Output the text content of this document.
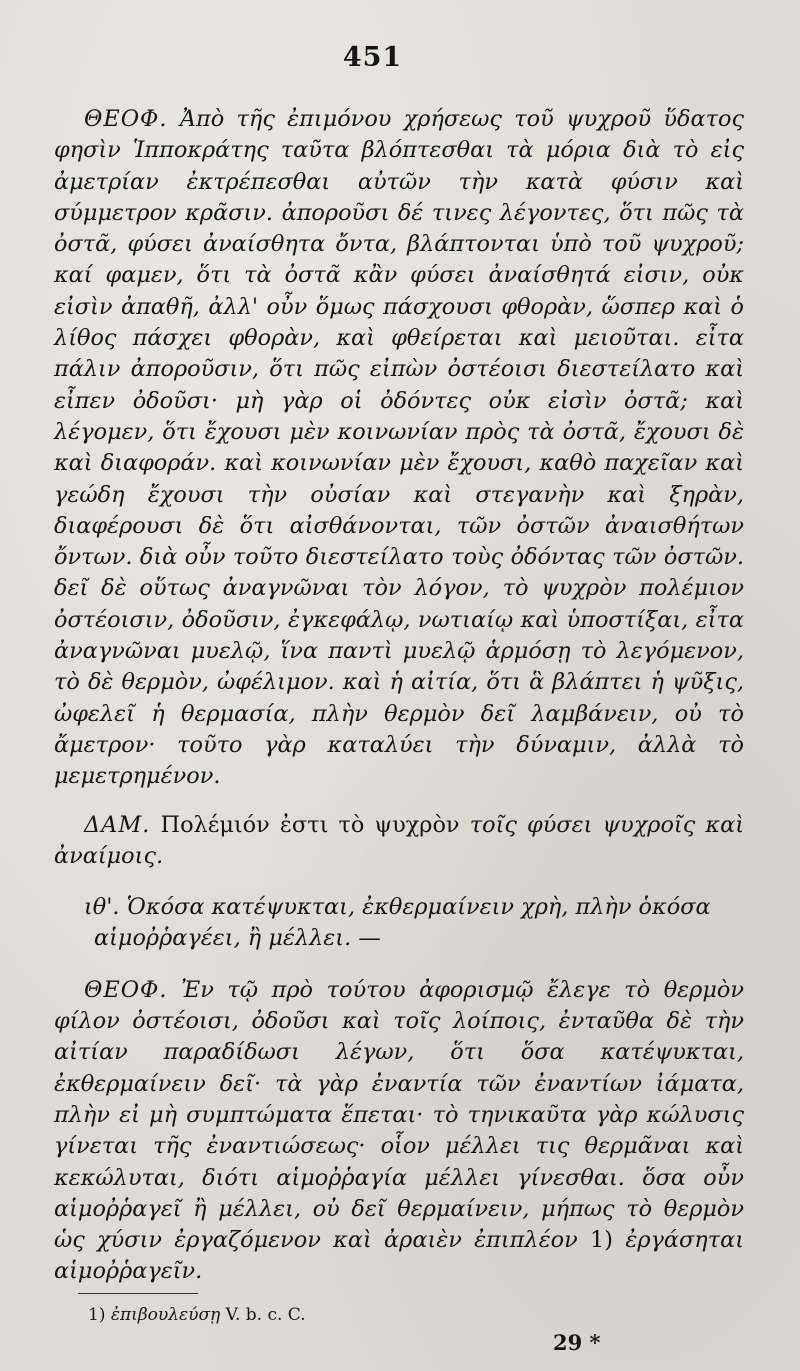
451

ΘΕΟΦ. Ἀπὸ τῆς ἐπιμόνου χρήσεως τοῦ ψυχροῦ ὕδατος φησὶν Ἱπποκράτης ταῦτα βλόπτεσθαι τὰ μόρια διὰ τὸ εἰς ἀμετρίαν ἐκτρέπεσθαι αὐτῶν τὴν κατὰ φύσιν καὶ σύμμετρον κρᾶσιν. ἀποροῦσι δέ τινες λέγοντες, ὅτι πῶς τὰ ὀστᾶ, φύσει ἀναίσθητα ὄντα, βλάπτονται ὑπὸ τοῦ ψυχροῦ; καί φαμεν, ὅτι τὰ ὀστᾶ κἂν φύσει ἀναίσθητά εἰσιν, οὐκ εἰσὶν ἀπαθῆ, ἀλλ' οὖν ὅμως πάσχουσι φθορὰν, ὥσπερ καὶ ὁ λίθος πάσχει φθορὰν, καὶ φθείρεται καὶ μειοῦται. εἶτα πάλιν ἀποροῦσιν, ὅτι πῶς εἰπὼν ὀστέοισι διεστείλατο καὶ εἶπεν ὀδοῦσι· μὴ γὰρ οἱ ὀδόντες οὐκ εἰσὶν ὀστᾶ; καὶ λέγομεν, ὅτι ἔχουσι μὲν κοινωνίαν πρὸς τὰ ὀστᾶ, ἔχουσι δὲ καὶ διαφοράν. καὶ κοινωνίαν μὲν ἔχουσι, καθὸ παχεῖαν καὶ γεώδη ἔχουσι τὴν οὐσίαν καὶ στεγανὴν καὶ ξηρὰν, διαφέρουσι δὲ ὅτι αἰσθάνονται, τῶν ὀστῶν ἀναισθήτων ὄντων. διὰ οὖν τοῦτο διεστείλατο τοὺς ὀδόντας τῶν ὀστῶν. δεῖ δὲ οὕτως ἀναγνῶναι τὸν λόγον, τὸ ψυχρὸν πολέμιον ὀστέοισιν, ὀδοῦσιν, ἐγκεφάλῳ, νωτιαίῳ καὶ ὑποστίξαι, εἶτα ἀναγνῶναι μυελῷ, ἵνα παντὶ μυελῷ ἁρμόσῃ τὸ λεγόμενον, τὸ δὲ θερμὸν, ὠφέλιμον. καὶ ἡ αἰτία, ὅτι ἃ βλάπτει ἡ ψῦξις, ὠφελεῖ ἡ θερμασία, πλὴν θερμὸν δεῖ λαμβάνειν, οὐ τὸ ἄμετρον· τοῦτο γὰρ καταλύει τὴν δύναμιν, ἀλλὰ τὸ μεμετρημένον.

ΔΑΜ. Πολέμιόν ἐστι τὸ ψυχρὸν τοῖς φύσει ψυχροῖς καὶ ἀναίμοις.

ιθ'. Ὁκόσα κατέψυκται, ἐκθερμαίνειν χρὴ, πλὴν ὁκόσα
αἱμοῤῥαγέει, ἢ μέλλει. —

ΘΕΟΦ. Ἐν τῷ πρὸ τούτου ἀφορισμῷ ἔλεγε τὸ θερμὸν φίλον ὀστέοισι, ὀδοῦσι καὶ τοῖς λοίποις, ἐνταῦθα δὲ τὴν αἰτίαν παραδίδωσι λέγων, ὅτι ὅσα κατέψυκται, ἐκθερμαίνειν δεῖ· τὰ γὰρ ἐναντία τῶν ἐναντίων ἰάματα, πλὴν εἰ μὴ συμπτώματα ἕπεται· τὸ τηνικαῦτα γὰρ κώλυσις γίνεται τῆς ἐναντιώσεως· οἷον μέλλει τις θερμᾶναι καὶ κεκώλυται, διότι αἱμοῤῥαγία μέλλει γίνεσθαι. ὅσα οὖν αἱμοῤῥαγεῖ ἢ μέλλει, οὐ δεῖ θερμαίνειν, μήπως τὸ θερμὸν ὡς χύσιν ἐργαζόμενον καὶ ἀραιὲν ἐπιπλέον 1) ἐργάσηται αἱμοῤῥαγεῖν.

1) ἐπιβουλεύσῃ V. b. c. C.
29 *
